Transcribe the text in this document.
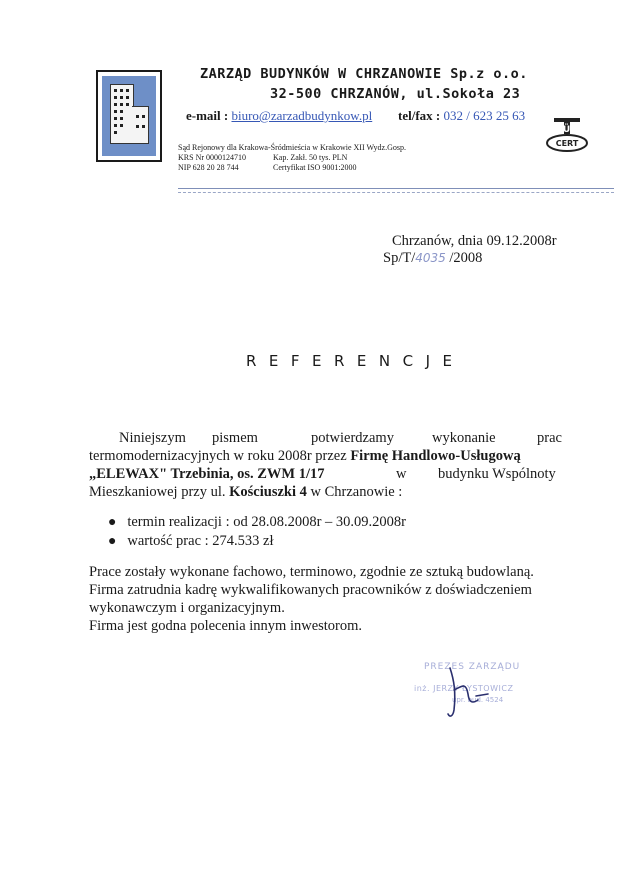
ZARZĄD BUDYNKÓW W CHRZANOWIE Sp.z o.o.
32-500 CHRZANÓW, ul.Sokoła 23
e-mail : biuro@zarzadbudynkow.pl tel/fax : 032 / 623 25 63
TÜV
CERT
Sąd Rejonowy dla Krakowa-Śródmieścia w Krakowie XII Wydz.Gosp.
KRS Nr 0000124710	Kap. Zakł. 50 tys. PLN
NIP 628 20 28 744	Certyfikat ISO 9001:2000
Chrzanów, dnia 09.12.2008r
Sp/T/4035 /2008
REFERENCJE
Niniejszym pismem	potwierdzamy	wykonanie	prac
termomodernizacyjnych w roku 2008r przez Firmę Handlowo-Usługową
„ELEWAX" Trzebinia, os. ZWM 1/17	w budynku Wspólnoty
Mieszkaniowej przy ul. Kościuszki 4 w Chrzanowie :
● termin realizacji : od 28.08.2008r – 30.09.2008r
● wartość prac : 274.533 zł
Prace zostały wykonane fachowo, terminowo, zgodnie ze sztuką budowlaną.
Firma zatrudnia kadrę wykwalifikowanych pracowników z doświadczeniem
wykonawczym i organizacyjnym.
Firma jest godna polecenia innym inwestorom.
PREZES ZARZĄDU
inż. JERZY ŁYSTOWICZ
upr. bud. 4524
